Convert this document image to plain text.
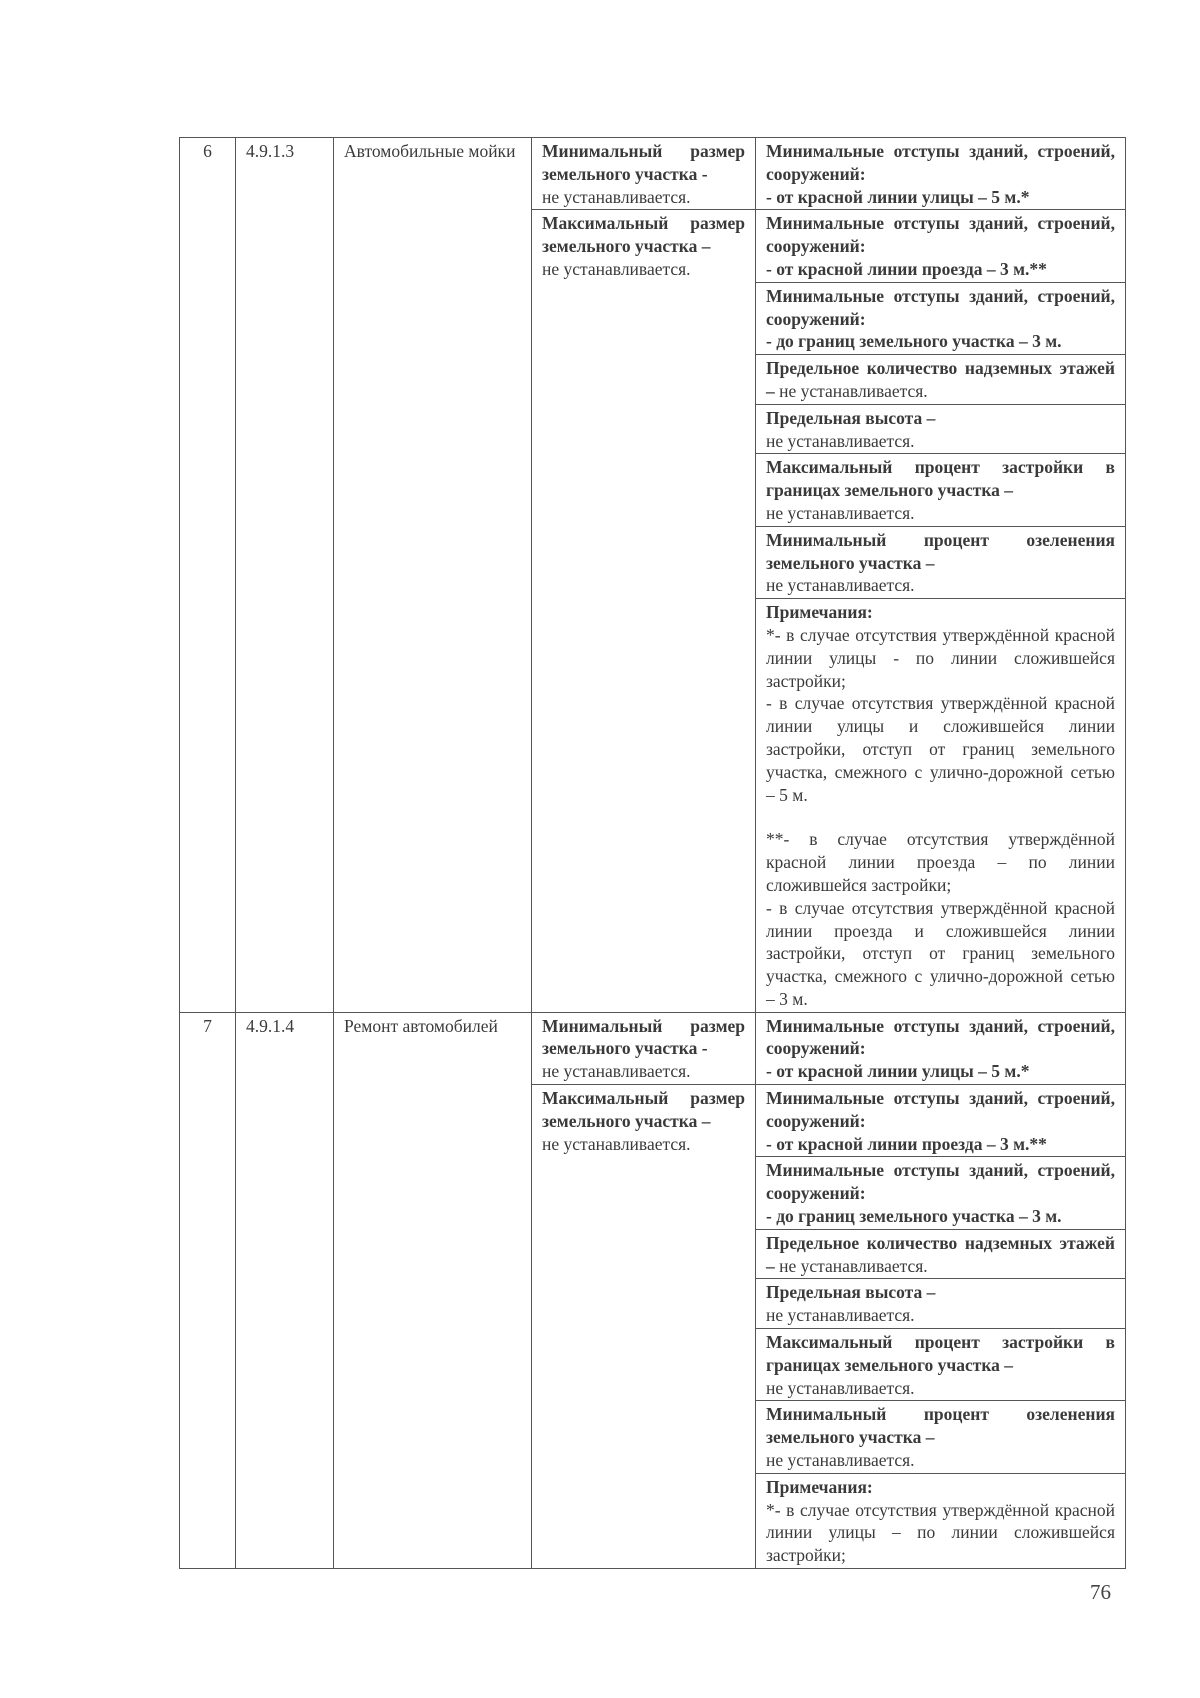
6	4.9.1.3	Автомобильные мойки	Минимальный размер земельного участка -
не устанавливается.	Минимальные отступы зданий, строений, сооружений:
- от красной линии улицы – 5 м.*

			Максимальный размер земельного участка –
не устанавливается.	Минимальные отступы зданий, строений, сооружений:
- от красной линии проезда – 3 м.**

				Минимальные отступы зданий, строений, сооружений:
- до границ земельного участка – 3 м.

				Предельное количество надземных этажей – не устанавливается.

				Предельная высота –
не устанавливается.

				Максимальный процент застройки в границах земельного участка –
не устанавливается.

				Минимальный процент озеленения земельного участка –
не устанавливается.

				Примечания:
*- в случае отсутствия утверждённой красной линии улицы - по линии сложившейся застройки;
- в случае отсутствия утверждённой красной линии улицы и сложившейся линии застройки, отступ от границ земельного участка, смежного с улично-дорожной сетью – 5 м.
**- в случае отсутствия утверждённой красной линии проезда – по линии сложившейся застройки;
- в случае отсутствия утверждённой красной линии проезда и сложившейся линии застройки, отступ от границ земельного участка, смежного с улично-дорожной сетью – 3 м.

7	4.9.1.4	Ремонт автомобилей	Минимальный размер земельного участка -
не устанавливается.	Минимальные отступы зданий, строений, сооружений:
- от красной линии улицы – 5 м.*

			Максимальный размер земельного участка –
не устанавливается.	Минимальные отступы зданий, строений, сооружений:
- от красной линии проезда – 3 м.**

				Минимальные отступы зданий, строений, сооружений:
- до границ земельного участка – 3 м.

				Предельное количество надземных этажей – не устанавливается.

				Предельная высота –
не устанавливается.

				Максимальный процент застройки в границах земельного участка –
не устанавливается.

				Минимальный процент озеленения земельного участка –
не устанавливается.

				Примечания:
*- в случае отсутствия утверждённой красной линии улицы – по линии сложившейся застройки;
76
